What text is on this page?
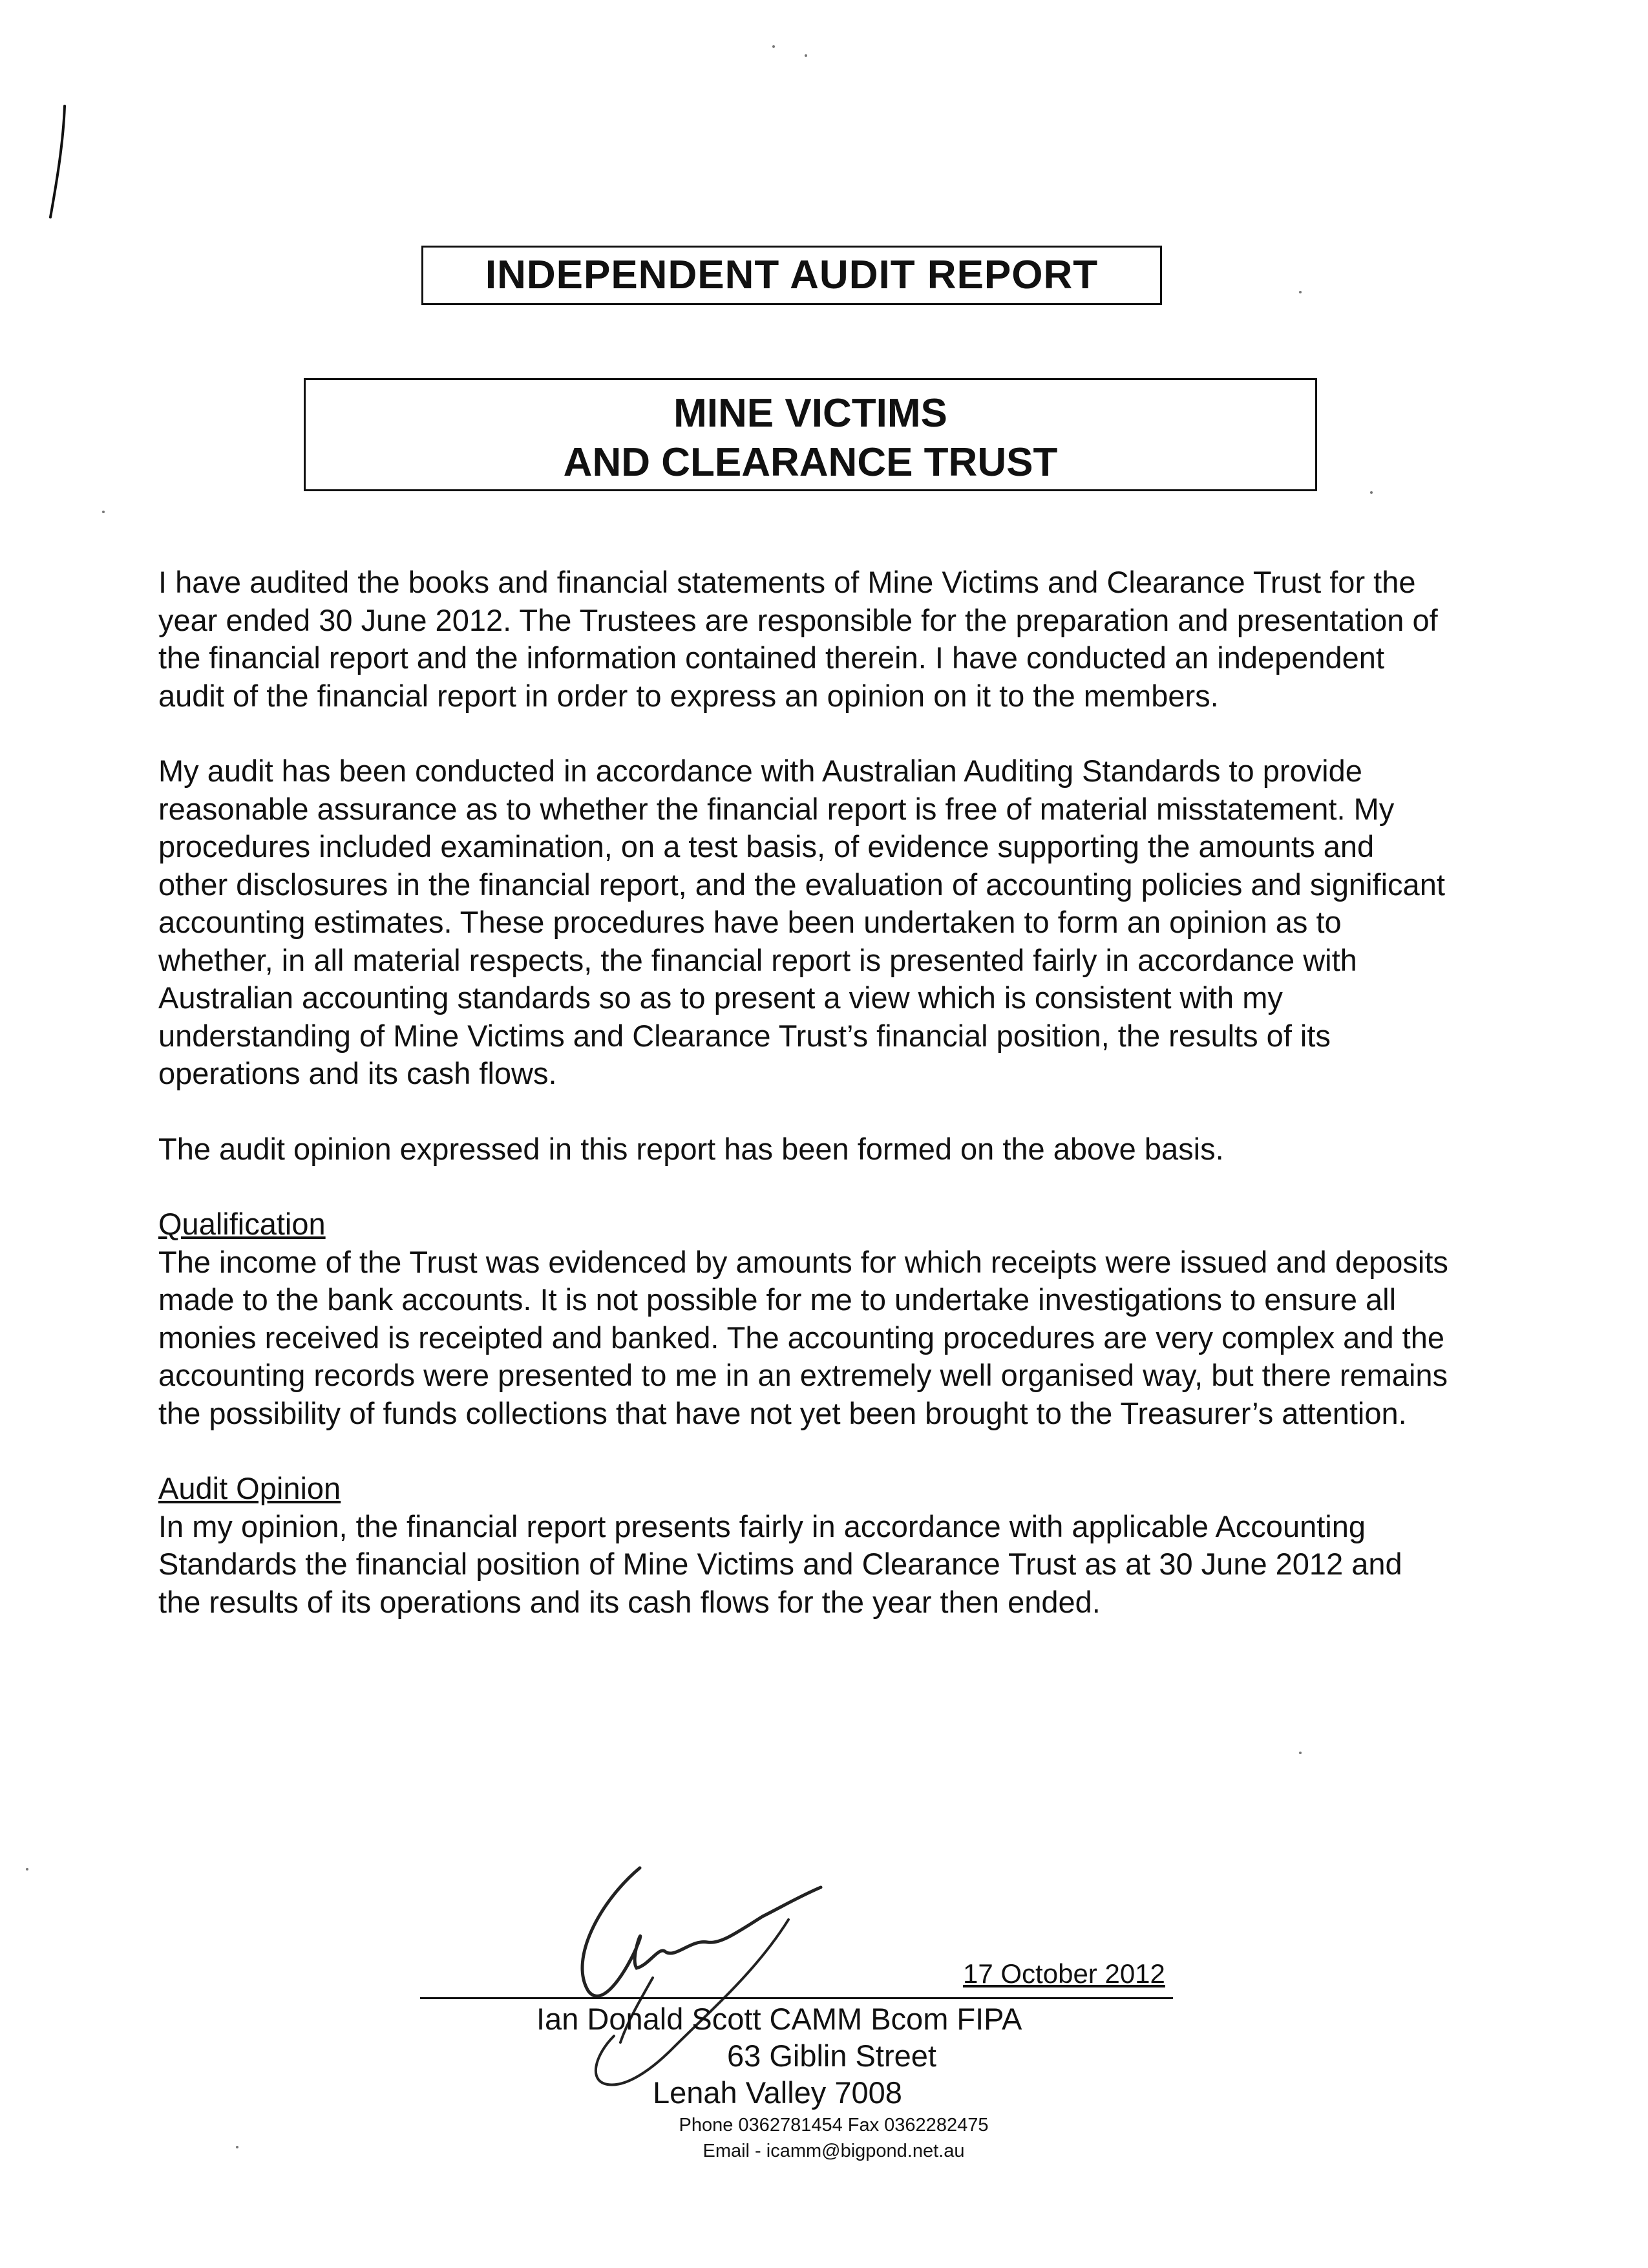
INDEPENDENT AUDIT REPORT
MINE VICTIMS
AND CLEARANCE TRUST

I have audited the books and financial statements of Mine Victims and Clearance Trust for the year ended 30 June 2012. The Trustees are responsible for the preparation and presentation of the financial report and the information contained therein. I have conducted an independent audit of the financial report in order to express an opinion on it to the members.

My audit has been conducted in accordance with Australian Auditing Standards to provide reasonable assurance as to whether the financial report is free of material misstatement. My procedures included examination, on a test basis, of evidence supporting the amounts and other disclosures in the financial report, and the evaluation of accounting policies and significant accounting estimates. These procedures have been undertaken to form an opinion as to whether, in all material respects, the financial report is presented fairly in accordance with Australian accounting standards so as to present a view which is consistent with my understanding of Mine Victims and Clearance Trust’s financial position, the results of its operations and its cash flows.

The audit opinion expressed in this report has been formed on the above basis.

Qualification

The income of the Trust was evidenced by amounts for which receipts were issued and deposits made to the bank accounts. It is not possible for me to undertake investigations to ensure all monies received is receipted and banked. The accounting procedures are very complex and the accounting records were presented to me in an extremely well organised way, but there remains the possibility of funds collections that have not yet been brought to the Treasurer’s attention.

Audit Opinion

In my opinion, the financial report presents fairly in accordance with applicable Accounting Standards the financial position of Mine Victims and Clearance Trust as at 30 June 2012 and the results of its operations and its cash flows for the year then ended.

17 October 2012
Ian Donald Scott CAMM Bcom FIPA
63 Giblin Street
Lenah Valley 7008
Phone 0362781454 Fax 0362282475
Email - icamm@bigpond.net.au
